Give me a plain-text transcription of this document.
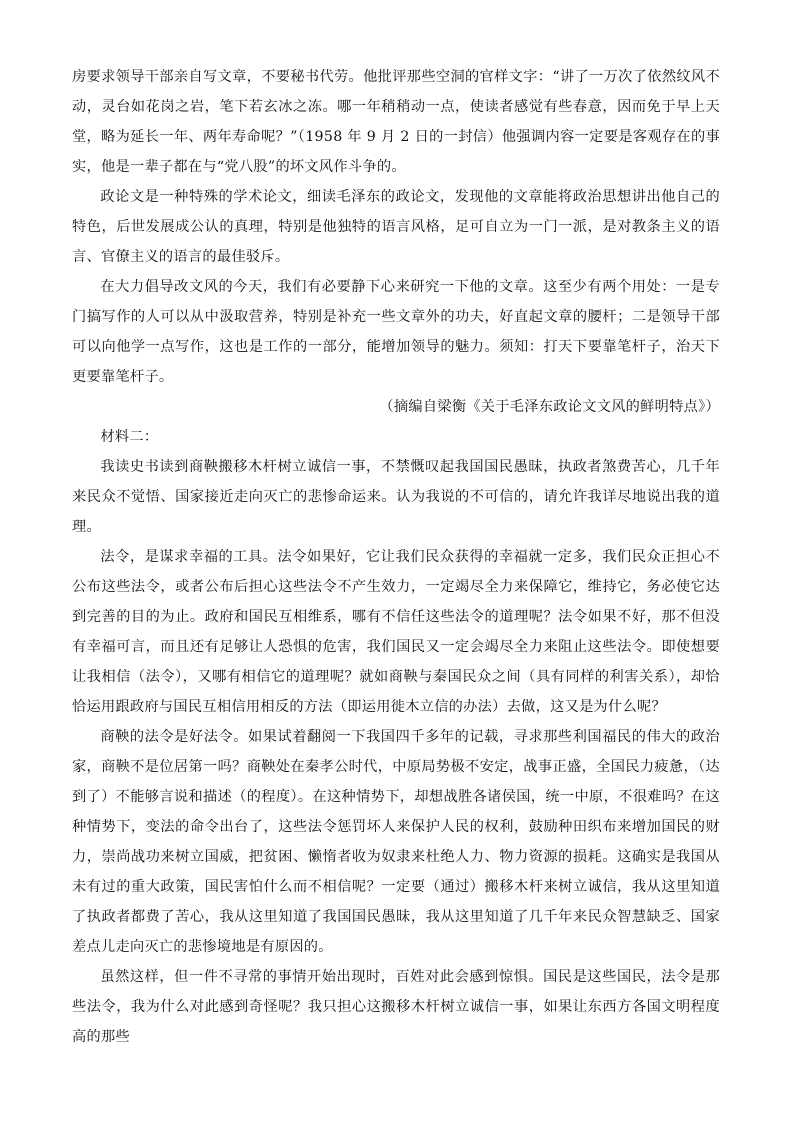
房要求领导干部亲自写文章，不要秘书代劳。他批评那些空洞的官样文字：“讲了一万次了依然纹风不动，灵台如花岗之岩，笔下若玄冰之冻。哪一年稍稍动一点，使读者感觉有些春意，因而免于早上天堂，略为延长一年、两年寿命呢？”（1958 年 9 月 2 日的一封信）他强调内容一定要是客观存在的事实，他是一辈子都在与“党八股”的坏文风作斗争的。

政论文是一种特殊的学术论文，细读毛泽东的政论文，发现他的文章能将政治思想讲出他自己的特色，后世发展成公认的真理，特别是他独特的语言风格，足可自立为一门一派，是对教条主义的语言、官僚主义的语言的最佳驳斥。

在大力倡导改文风的今天，我们有必要静下心来研究一下他的文章。这至少有两个用处：一是专门搞写作的人可以从中汲取营养，特别是补充一些文章外的功夫，好直起文章的腰杆；二是领导干部可以向他学一点写作，这也是工作的一部分，能增加领导的魅力。须知：打天下要靠笔杆子，治天下更要靠笔杆子。

（摘编自梁衡《关于毛泽东政论文文风的鲜明特点》）

材料二：

我读史书读到商鞅搬移木杆树立诚信一事，不禁慨叹起我国国民愚昧，执政者煞费苦心，几千年来民众不觉悟、国家接近走向灭亡的悲惨命运来。认为我说的不可信的，请允许我详尽地说出我的道理。

法令，是谋求幸福的工具。法令如果好，它让我们民众获得的幸福就一定多，我们民众正担心不公布这些法令，或者公布后担心这些法令不产生效力，一定竭尽全力来保障它，维持它，务必使它达到完善的目的为止。政府和国民互相维系，哪有不信任这些法令的道理呢？法令如果不好，那不但没有幸福可言，而且还有足够让人恐惧的危害，我们国民又一定会竭尽全力来阻止这些法令。即使想要让我相信（法令），又哪有相信它的道理呢？就如商鞅与秦国民众之间（具有同样的利害关系），却恰恰运用跟政府与国民互相信用相反的方法（即运用徙木立信的办法）去做，这又是为什么呢？

商鞅的法令是好法令。如果试着翻阅一下我国四千多年的记载，寻求那些利国福民的伟大的政治家，商鞅不是位居第一吗？商鞅处在秦孝公时代，中原局势极不安定，战事正盛，全国民力疲惫，（达到了）不能够言说和描述（的程度）。在这种情势下，却想战胜各诸侯国，统一中原，不很难吗？在这种情势下，变法的命令出台了，这些法令惩罚坏人来保护人民的权利，鼓励种田织布来增加国民的财力，崇尚战功来树立国威，把贫困、懒惰者收为奴隶来杜绝人力、物力资源的损耗。这确实是我国从未有过的重大政策，国民害怕什么而不相信呢？一定要（通过）搬移木杆来树立诚信，我从这里知道了执政者都费了苦心，我从这里知道了我国国民愚昧，我从这里知道了几千年来民众智慧缺乏、国家差点儿走向灭亡的悲惨境地是有原因的。

虽然这样，但一件不寻常的事情开始出现时，百姓对此会感到惊惧。国民是这些国民，法令是那些法令，我为什么对此感到奇怪呢？我只担心这搬移木杆树立诚信一事，如果让东西方各国文明程度高的那些
